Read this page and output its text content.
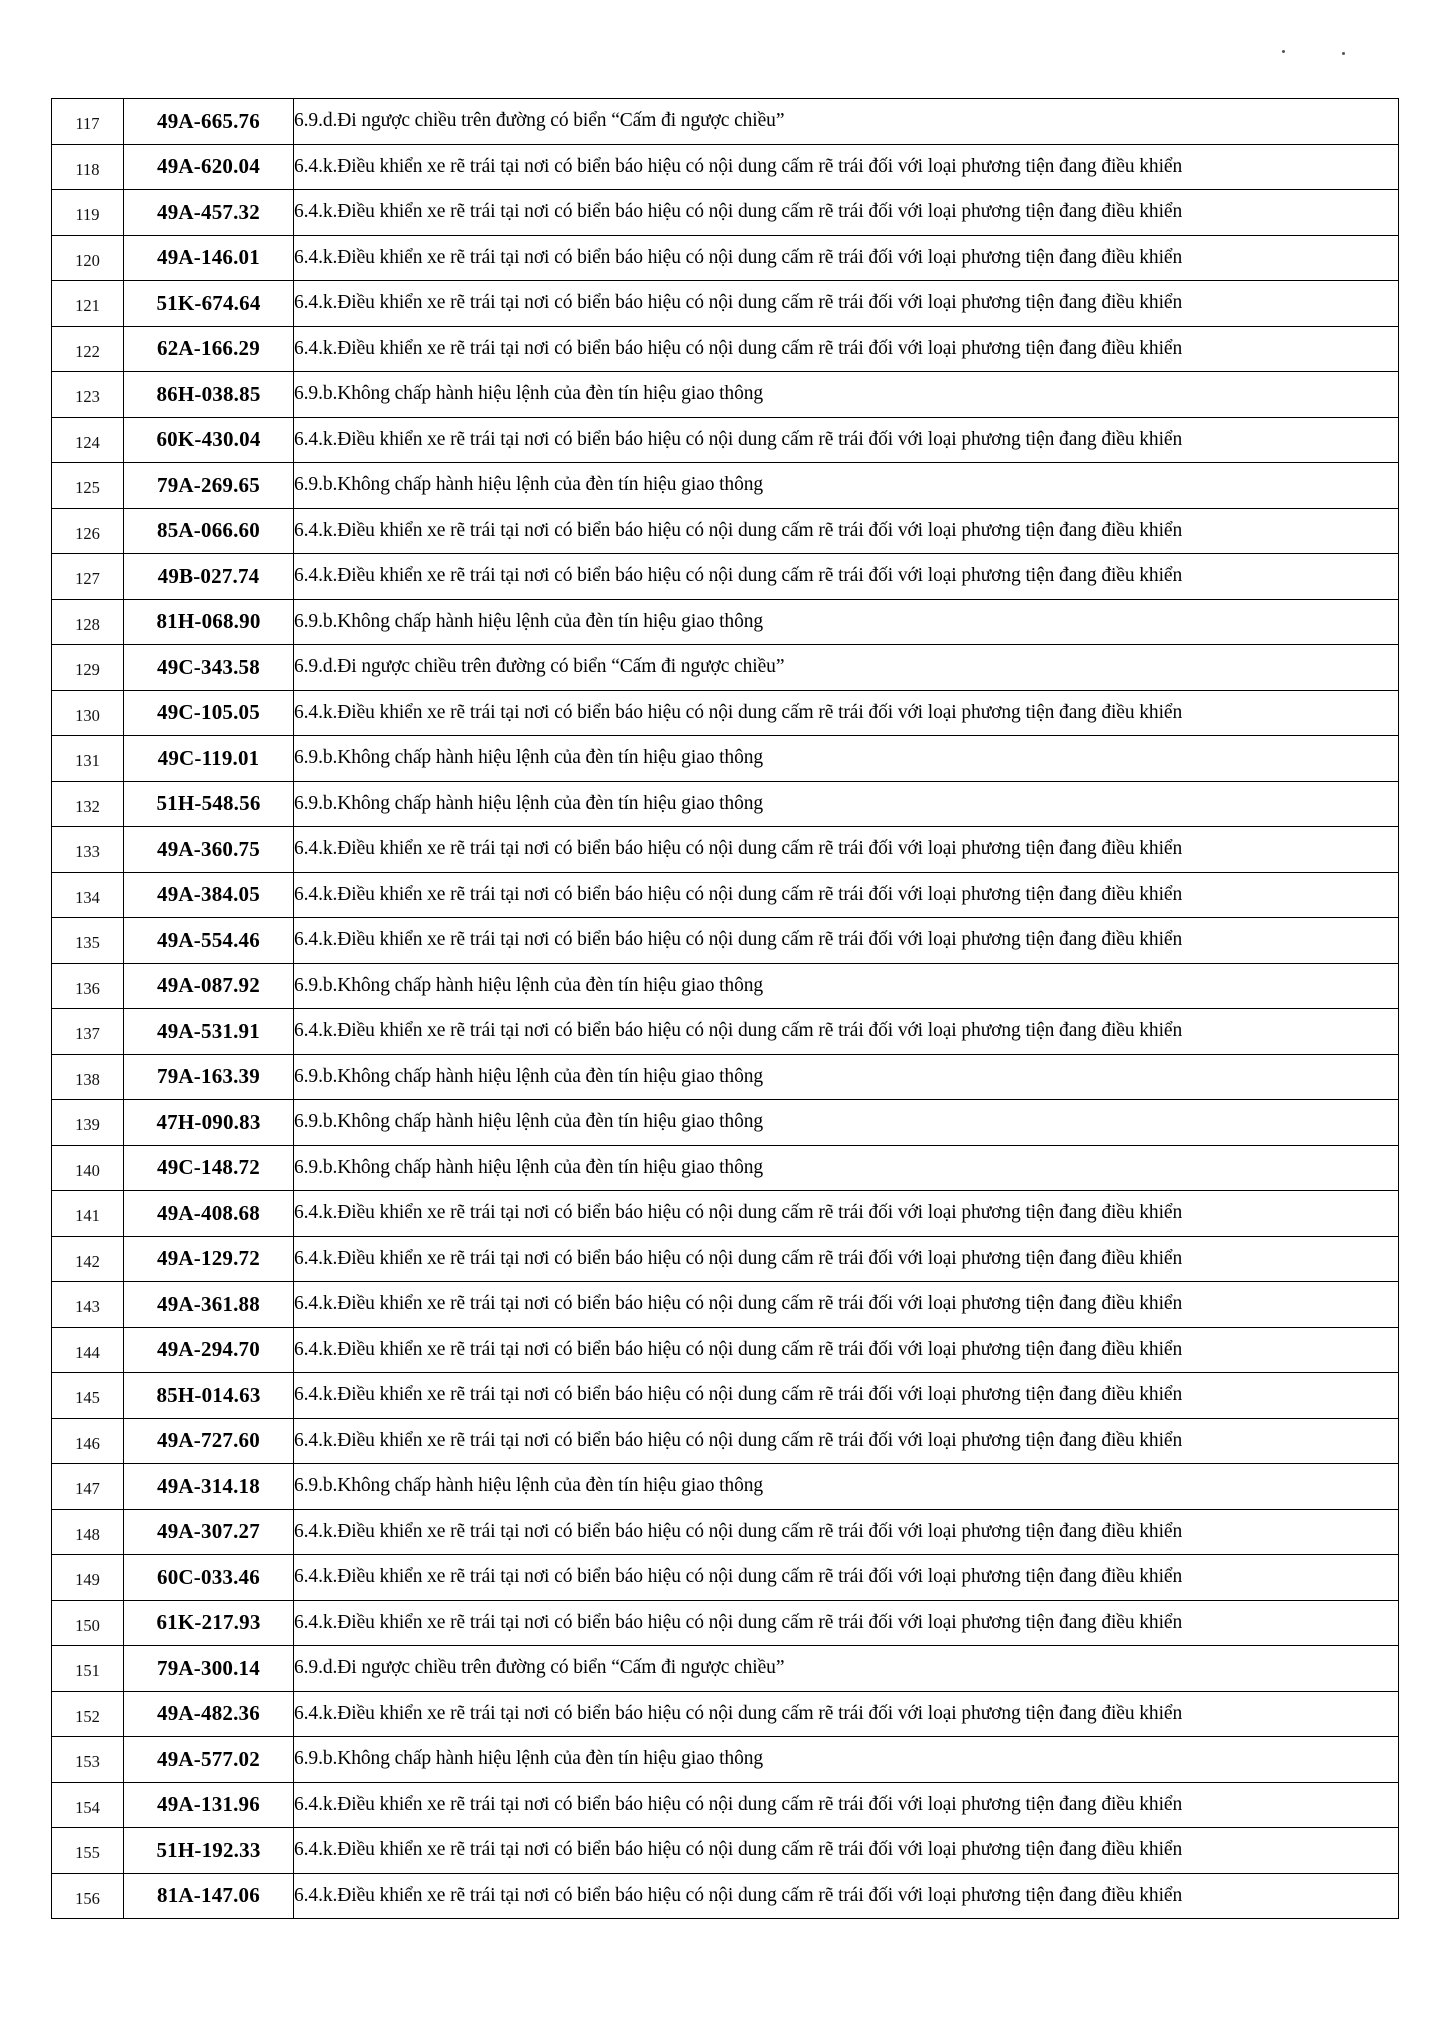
117	49A-665.76	6.9.d.Đi ngược chiều trên đường có biển “Cấm đi ngược chiều”

118	49A-620.04	6.4.k.Điều khiển xe rẽ trái tại nơi có biển báo hiệu có nội dung cấm rẽ trái đối với loại phương tiện đang điều khiển

119	49A-457.32	6.4.k.Điều khiển xe rẽ trái tại nơi có biển báo hiệu có nội dung cấm rẽ trái đối với loại phương tiện đang điều khiển

120	49A-146.01	6.4.k.Điều khiển xe rẽ trái tại nơi có biển báo hiệu có nội dung cấm rẽ trái đối với loại phương tiện đang điều khiển

121	51K-674.64	6.4.k.Điều khiển xe rẽ trái tại nơi có biển báo hiệu có nội dung cấm rẽ trái đối với loại phương tiện đang điều khiển

122	62A-166.29	6.4.k.Điều khiển xe rẽ trái tại nơi có biển báo hiệu có nội dung cấm rẽ trái đối với loại phương tiện đang điều khiển

123	86H-038.85	6.9.b.Không chấp hành hiệu lệnh của đèn tín hiệu giao thông

124	60K-430.04	6.4.k.Điều khiển xe rẽ trái tại nơi có biển báo hiệu có nội dung cấm rẽ trái đối với loại phương tiện đang điều khiển

125	79A-269.65	6.9.b.Không chấp hành hiệu lệnh của đèn tín hiệu giao thông

126	85A-066.60	6.4.k.Điều khiển xe rẽ trái tại nơi có biển báo hiệu có nội dung cấm rẽ trái đối với loại phương tiện đang điều khiển

127	49B-027.74	6.4.k.Điều khiển xe rẽ trái tại nơi có biển báo hiệu có nội dung cấm rẽ trái đối với loại phương tiện đang điều khiển

128	81H-068.90	6.9.b.Không chấp hành hiệu lệnh của đèn tín hiệu giao thông

129	49C-343.58	6.9.d.Đi ngược chiều trên đường có biển “Cấm đi ngược chiều”

130	49C-105.05	6.4.k.Điều khiển xe rẽ trái tại nơi có biển báo hiệu có nội dung cấm rẽ trái đối với loại phương tiện đang điều khiển

131	49C-119.01	6.9.b.Không chấp hành hiệu lệnh của đèn tín hiệu giao thông

132	51H-548.56	6.9.b.Không chấp hành hiệu lệnh của đèn tín hiệu giao thông

133	49A-360.75	6.4.k.Điều khiển xe rẽ trái tại nơi có biển báo hiệu có nội dung cấm rẽ trái đối với loại phương tiện đang điều khiển

134	49A-384.05	6.4.k.Điều khiển xe rẽ trái tại nơi có biển báo hiệu có nội dung cấm rẽ trái đối với loại phương tiện đang điều khiển

135	49A-554.46	6.4.k.Điều khiển xe rẽ trái tại nơi có biển báo hiệu có nội dung cấm rẽ trái đối với loại phương tiện đang điều khiển

136	49A-087.92	6.9.b.Không chấp hành hiệu lệnh của đèn tín hiệu giao thông

137	49A-531.91	6.4.k.Điều khiển xe rẽ trái tại nơi có biển báo hiệu có nội dung cấm rẽ trái đối với loại phương tiện đang điều khiển

138	79A-163.39	6.9.b.Không chấp hành hiệu lệnh của đèn tín hiệu giao thông

139	47H-090.83	6.9.b.Không chấp hành hiệu lệnh của đèn tín hiệu giao thông

140	49C-148.72	6.9.b.Không chấp hành hiệu lệnh của đèn tín hiệu giao thông

141	49A-408.68	6.4.k.Điều khiển xe rẽ trái tại nơi có biển báo hiệu có nội dung cấm rẽ trái đối với loại phương tiện đang điều khiển

142	49A-129.72	6.4.k.Điều khiển xe rẽ trái tại nơi có biển báo hiệu có nội dung cấm rẽ trái đối với loại phương tiện đang điều khiển

143	49A-361.88	6.4.k.Điều khiển xe rẽ trái tại nơi có biển báo hiệu có nội dung cấm rẽ trái đối với loại phương tiện đang điều khiển

144	49A-294.70	6.4.k.Điều khiển xe rẽ trái tại nơi có biển báo hiệu có nội dung cấm rẽ trái đối với loại phương tiện đang điều khiển

145	85H-014.63	6.4.k.Điều khiển xe rẽ trái tại nơi có biển báo hiệu có nội dung cấm rẽ trái đối với loại phương tiện đang điều khiển

146	49A-727.60	6.4.k.Điều khiển xe rẽ trái tại nơi có biển báo hiệu có nội dung cấm rẽ trái đối với loại phương tiện đang điều khiển

147	49A-314.18	6.9.b.Không chấp hành hiệu lệnh của đèn tín hiệu giao thông

148	49A-307.27	6.4.k.Điều khiển xe rẽ trái tại nơi có biển báo hiệu có nội dung cấm rẽ trái đối với loại phương tiện đang điều khiển

149	60C-033.46	6.4.k.Điều khiển xe rẽ trái tại nơi có biển báo hiệu có nội dung cấm rẽ trái đối với loại phương tiện đang điều khiển

150	61K-217.93	6.4.k.Điều khiển xe rẽ trái tại nơi có biển báo hiệu có nội dung cấm rẽ trái đối với loại phương tiện đang điều khiển

151	79A-300.14	6.9.d.Đi ngược chiều trên đường có biển “Cấm đi ngược chiều”

152	49A-482.36	6.4.k.Điều khiển xe rẽ trái tại nơi có biển báo hiệu có nội dung cấm rẽ trái đối với loại phương tiện đang điều khiển

153	49A-577.02	6.9.b.Không chấp hành hiệu lệnh của đèn tín hiệu giao thông

154	49A-131.96	6.4.k.Điều khiển xe rẽ trái tại nơi có biển báo hiệu có nội dung cấm rẽ trái đối với loại phương tiện đang điều khiển

155	51H-192.33	6.4.k.Điều khiển xe rẽ trái tại nơi có biển báo hiệu có nội dung cấm rẽ trái đối với loại phương tiện đang điều khiển

156	81A-147.06	6.4.k.Điều khiển xe rẽ trái tại nơi có biển báo hiệu có nội dung cấm rẽ trái đối với loại phương tiện đang điều khiển
